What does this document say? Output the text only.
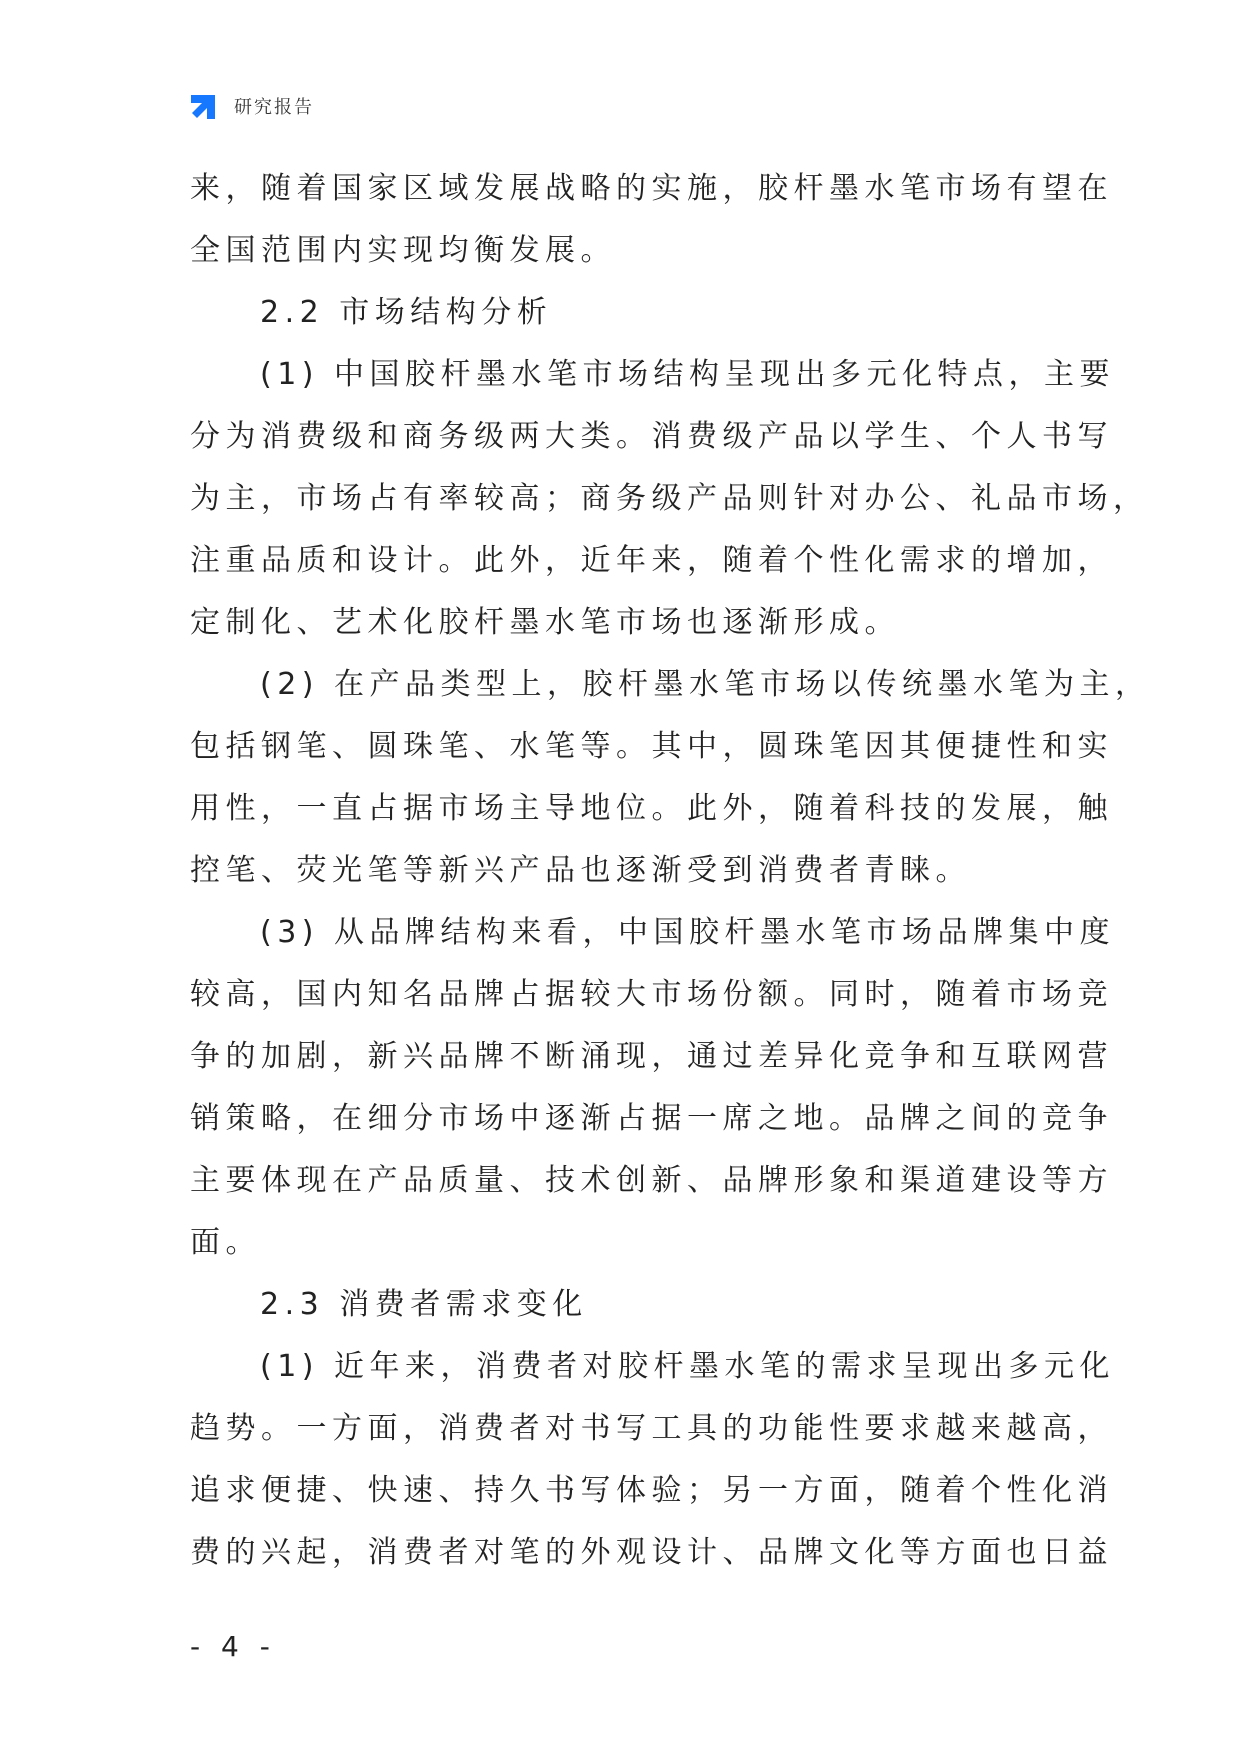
研究报告
来，随着国家区域发展战略的实施，胶杆墨水笔市场有望在
全国范围内实现均衡发展。
2.2 市场结构分析
(1) 中国胶杆墨水笔市场结构呈现出多元化特点，主要
分为消费级和商务级两大类。消费级产品以学生、个人书写
为主，市场占有率较高；商务级产品则针对办公、礼品市场，
注重品质和设计。此外，近年来，随着个性化需求的增加，
定制化、艺术化胶杆墨水笔市场也逐渐形成。
(2) 在产品类型上，胶杆墨水笔市场以传统墨水笔为主，
包括钢笔、圆珠笔、水笔等。其中，圆珠笔因其便捷性和实
用性，一直占据市场主导地位。此外，随着科技的发展，触
控笔、荧光笔等新兴产品也逐渐受到消费者青睐。
(3) 从品牌结构来看，中国胶杆墨水笔市场品牌集中度
较高，国内知名品牌占据较大市场份额。同时，随着市场竞
争的加剧，新兴品牌不断涌现，通过差异化竞争和互联网营
销策略，在细分市场中逐渐占据一席之地。品牌之间的竞争
主要体现在产品质量、技术创新、品牌形象和渠道建设等方
面。
2.3 消费者需求变化
(1) 近年来，消费者对胶杆墨水笔的需求呈现出多元化
趋势。一方面，消费者对书写工具的功能性要求越来越高，
追求便捷、快速、持久书写体验；另一方面，随着个性化消
费的兴起，消费者对笔的外观设计、品牌文化等方面也日益
- 4 -
